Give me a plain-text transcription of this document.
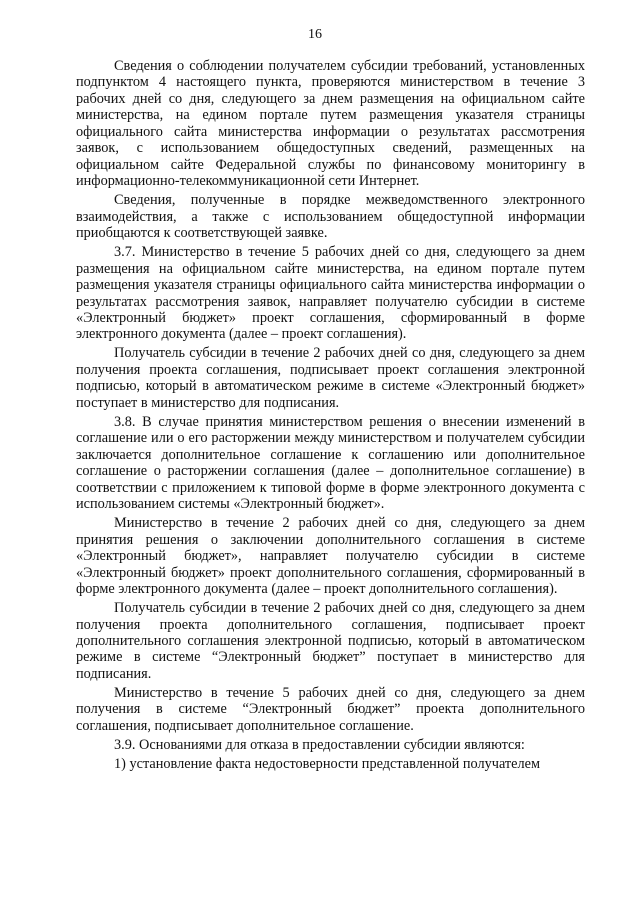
16

Сведения о соблюдении получателем субсидии требований, установленных подпунктом 4 настоящего пункта, проверяются министерством в течение 3 рабочих дней со дня, следующего за днем размещения на официальном сайте министерства, на едином портале путем размещения указателя страницы официального сайта министерства информации о результатах рассмотрения заявок, с использованием общедоступных сведений, размещенных на официальном сайте Федеральной службы по финансовому мониторингу в информационно-телекоммуникационной сети Интернет.

Сведения, полученные в порядке межведомственного электронного взаимодействия, а также с использованием общедоступной информации приобщаются к соответствующей заявке.

3.7. Министерство в течение 5 рабочих дней со дня, следующего за днем размещения на официальном сайте министерства, на едином портале путем размещения указателя страницы официального сайта министерства информации о результатах рассмотрения заявок, направляет получателю субсидии в системе «Электронный бюджет» проект соглашения, сформированный в форме электронного документа (далее – проект соглашения).

Получатель субсидии в течение 2 рабочих дней со дня, следующего за днем получения проекта соглашения, подписывает проект соглашения электронной подписью, который в автоматическом режиме в системе «Электронный бюджет» поступает в министерство для подписания.

3.8. В случае принятия министерством решения о внесении изменений в соглашение или о его расторжении между министерством и получателем субсидии заключается дополнительное соглашение к соглашению или дополнительное соглашение о расторжении соглашения (далее – дополнительное соглашение) в соответствии с приложением к типовой форме в форме электронного документа с использованием системы «Электронный бюджет».

Министерство в течение 2 рабочих дней со дня, следующего за днем принятия решения о заключении дополнительного соглашения в системе «Электронный бюджет», направляет получателю субсидии в системе «Электронный бюджет» проект дополнительного соглашения, сформированный в форме электронного документа (далее – проект дополнительного соглашения).

Получатель субсидии в течение 2 рабочих дней со дня, следующего за днем получения проекта дополнительного соглашения, подписывает проект дополнительного соглашения электронной подписью, который в автоматическом режиме в системе “Электронный бюджет” поступает в министерство для подписания.

Министерство в течение 5 рабочих дней со дня, следующего за днем получения в системе “Электронный бюджет” проекта дополнительного соглашения, подписывает дополнительное соглашение.

3.9. Основаниями для отказа в предоставлении субсидии являются:

1) установление факта недостоверности представленной получателем
